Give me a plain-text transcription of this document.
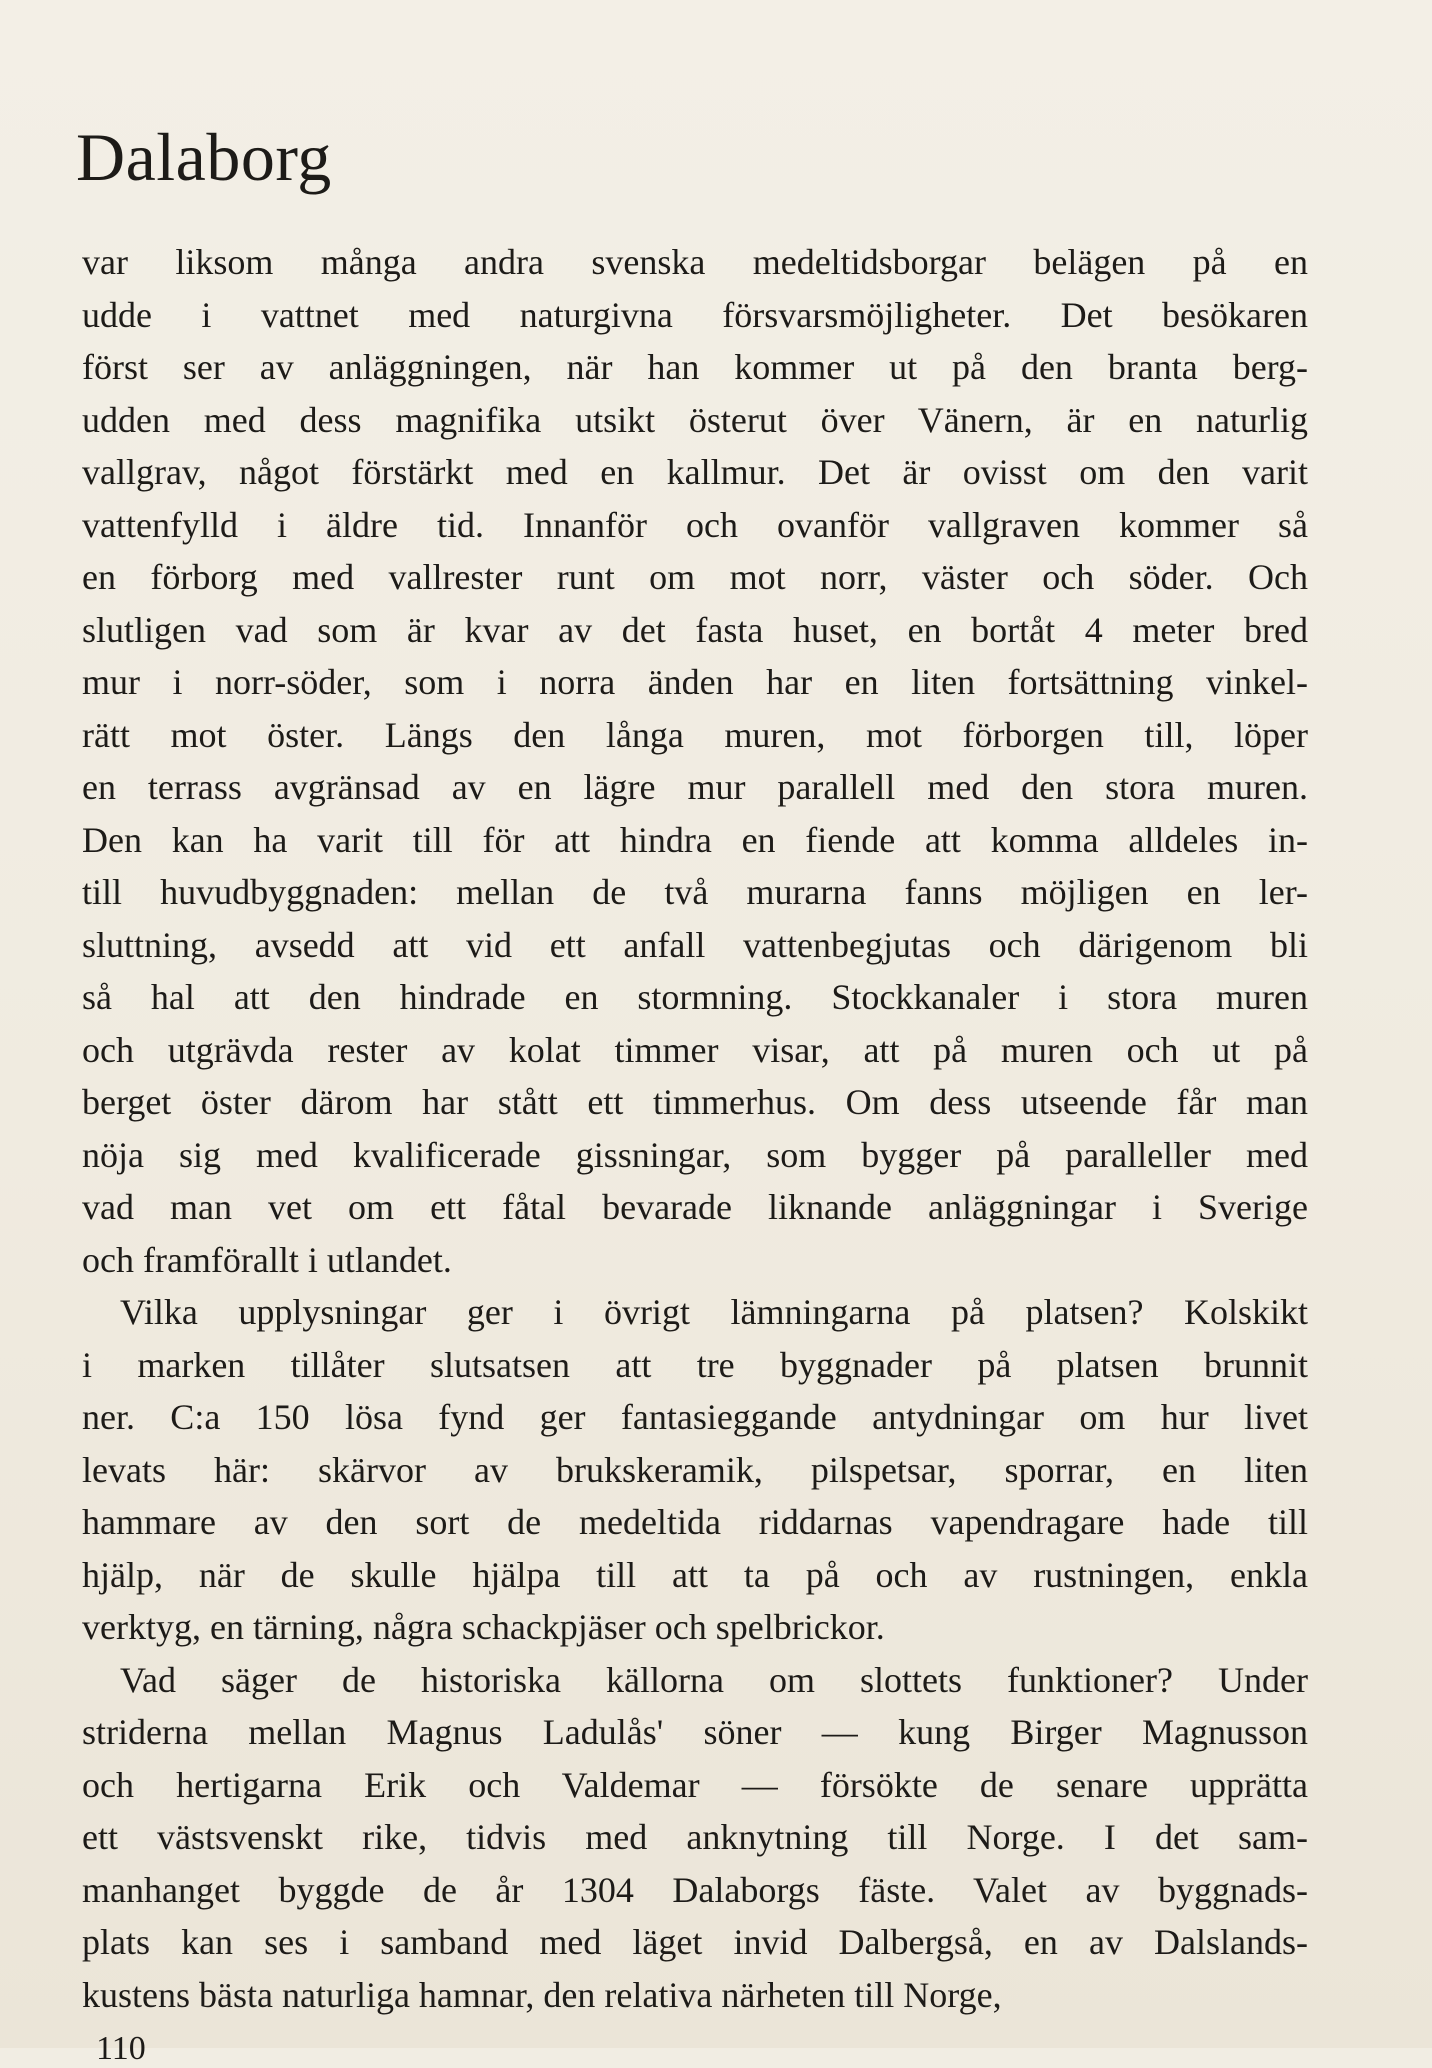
Dalaborg
var liksom många andra svenska medeltidsborgar belägen på en
udde i vattnet med naturgivna försvarsmöjligheter. Det besökaren
först ser av anläggningen, när han kommer ut på den branta berg-
udden med dess magnifika utsikt österut över Vänern, är en naturlig
vallgrav, något förstärkt med en kallmur. Det är ovisst om den varit
vattenfylld i äldre tid. Innanför och ovanför vallgraven kommer så
en förborg med vallrester runt om mot norr, väster och söder. Och
slutligen vad som är kvar av det fasta huset, en bortåt 4 meter bred
mur i norr-söder, som i norra änden har en liten fortsättning vinkel-
rätt mot öster. Längs den långa muren, mot förborgen till, löper
en terrass avgränsad av en lägre mur parallell med den stora muren.
Den kan ha varit till för att hindra en fiende att komma alldeles in-
till huvudbyggnaden: mellan de två murarna fanns möjligen en ler-
sluttning, avsedd att vid ett anfall vattenbegjutas och därigenom bli
så hal att den hindrade en stormning. Stockkanaler i stora muren
och utgrävda rester av kolat timmer visar, att på muren och ut på
berget öster därom har stått ett timmerhus. Om dess utseende får man
nöja sig med kvalificerade gissningar, som bygger på paralleller med
vad man vet om ett fåtal bevarade liknande anläggningar i Sverige
och framförallt i utlandet.
Vilka upplysningar ger i övrigt lämningarna på platsen? Kolskikt
i marken tillåter slutsatsen att tre byggnader på platsen brunnit
ner. C:a 150 lösa fynd ger fantasieggande antydningar om hur livet
levats här: skärvor av brukskeramik, pilspetsar, sporrar, en liten
hammare av den sort de medeltida riddarnas vapendragare hade till
hjälp, när de skulle hjälpa till att ta på och av rustningen, enkla
verktyg, en tärning, några schackpjäser och spelbrickor.
Vad säger de historiska källorna om slottets funktioner? Under
striderna mellan Magnus Ladulås' söner — kung Birger Magnusson
och hertigarna Erik och Valdemar — försökte de senare upprätta
ett västsvenskt rike, tidvis med anknytning till Norge. I det sam-
manhanget byggde de år 1304 Dalaborgs fäste. Valet av byggnads-
plats kan ses i samband med läget invid Dalbergså, en av Dalslands-
kustens bästa naturliga hamnar, den relativa närheten till Norge,
110
